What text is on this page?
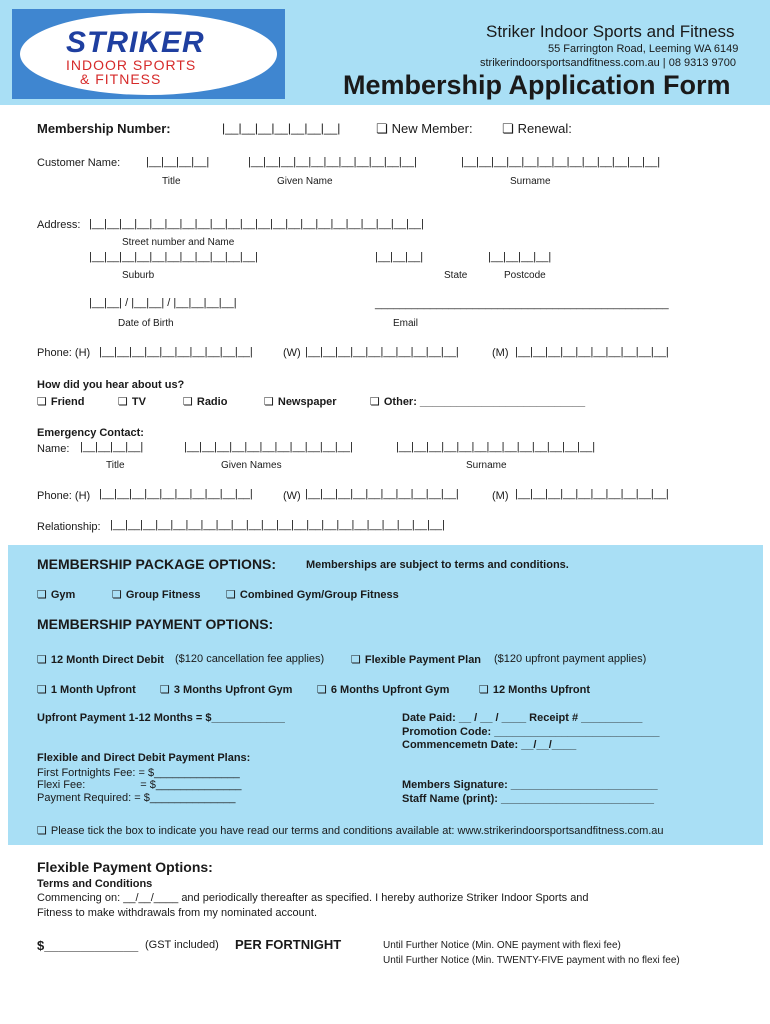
STRIKER
INDOOR SPORTS
& FITNESS
Striker Indoor Sports and Fitness
55 Farrington Road, Leeming WA 6149
strikerindoorsportsandfitness.com.au | 08 9313 9700
Membership Application Form
Membership Number:	|__|__|__|__|__|__|__|	❏ New Member:	❏ Renewal:
Customer Name: |__|__|__|__|	|__|__|__|__|__|__|__|__|__|__|__|	|__|__|__|__|__|__|__|__|__|__|__|__|__|
Title	Given Name	Surname
Address: |__|__|__|__|__|__|__|__|__|__|__|__|__|__|__|__|__|__|__|__|__|__|
Street number and Name
|__|__|__|__|__|__|__|__|__|__|__|	|__|__|__|	|__|__|__|__|
Suburb	State	Postcode
|__|__| / |__|__| / |__|__|__|__|	________________________________________________
Date of Birth	Email
Phone: (H) |__|__|__|__|__|__|__|__|__|__|	(W) |__|__|__|__|__|__|__|__|__|__|	(M) |__|__|__|__|__|__|__|__|__|__|
How did you hear about us?
❏ Friend	❏ TV	❏ Radio	❏ Newspaper	❏ Other: ___________________________
Emergency Contact:
Name: |__|__|__|__|	|__|__|__|__|__|__|__|__|__|__|__|	|__|__|__|__|__|__|__|__|__|__|__|__|__|
Title	Given Names	Surname
Phone: (H) |__|__|__|__|__|__|__|__|__|__|	(W) |__|__|__|__|__|__|__|__|__|__|	(M) |__|__|__|__|__|__|__|__|__|__|
Relationship: |__|__|__|__|__|__|__|__|__|__|__|__|__|__|__|__|__|__|__|__|__|__|
MEMBERSHIP PACKAGE OPTIONS:	Memberships are subject to terms and conditions.
❏ Gym	❏ Group Fitness	❏ Combined Gym/Group Fitness
MEMBERSHIP PAYMENT OPTIONS:
❏ 12 Month Direct Debit ($120 cancellation fee applies)	❏ Flexible Payment Plan ($120 upfront payment applies)
❏ 1 Month Upfront	❏ 3 Months Upfront Gym	❏ 6 Months Upfront Gym	❏ 12 Months Upfront
Upfront Payment 1-12 Months = $____________	Date Paid: __ / __ / ____ Receipt # __________
Promotion Code: ___________________________
Commencemetn Date: __/__/____
Flexible and Direct Debit Payment Plans:
First Fortnights Fee: = $______________
Flexi Fee:                  = $______________
Payment Required: = $______________
Members Signature: ________________________
Staff Name (print): _________________________
❏ Please tick the box to indicate you have read our terms and conditions available at: www.strikerindoorsportsandfitness.com.au
Flexible Payment Options:
Terms and Conditions
Commencing on: __/__/____ and periodically thereafter as specified. I hereby authorize Striker Indoor Sports and
Fitness to make withdrawals from my nominated account.
$_____________ (GST included) PER FORTNIGHT	Until Further Notice (Min. ONE payment with flexi fee)
Until Further Notice (Min. TWENTY-FIVE payment with no flexi fee)
